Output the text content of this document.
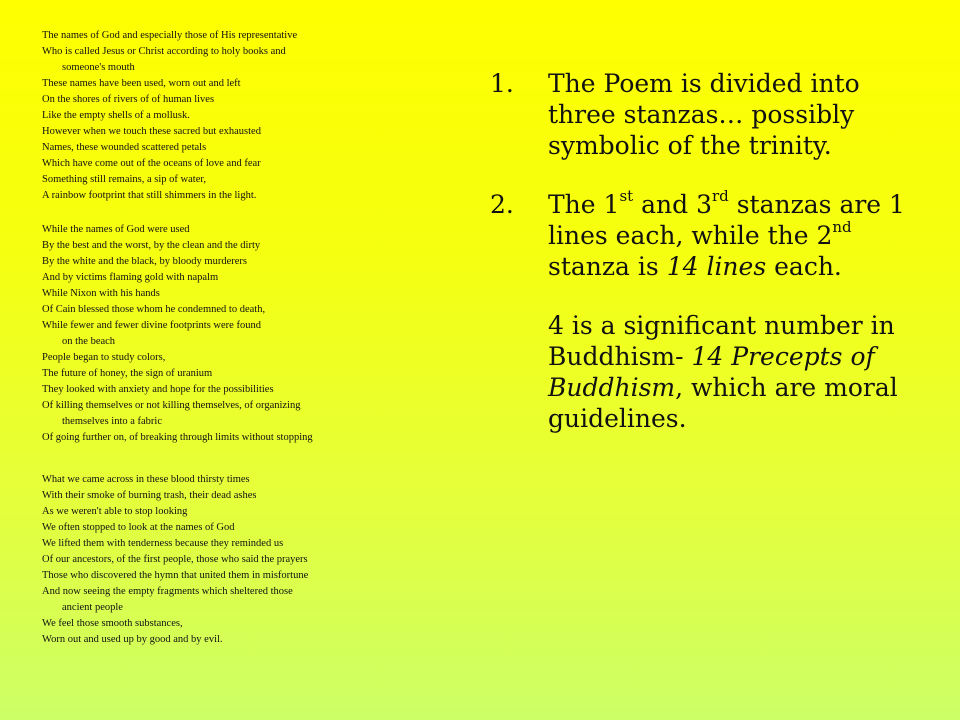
The names of God and especially those of His representative
Who is called Jesus or Christ according to holy books and
someone's mouth
These names have been used, worn out and left
On the shores of rivers of of human lives
Like the empty shells of a mollusk.
However when we touch these sacred but exhausted
Names, these wounded scattered petals
Which have come out of the oceans of love and fear
Something still remains, a sip of water,
A rainbow footprint that still shimmers in the light.
While the names of God were used
By the best and the worst, by the clean and the dirty
By the white and the black, by bloody murderers
And by victims flaming gold with napalm
While Nixon with his hands
Of Cain blessed those whom he condemned to death,
While fewer and fewer divine footprints were found
on the beach
People began to study colors,
The future of honey, the sign of uranium
They looked with anxiety and hope for the possibilities
Of killing themselves or not killing themselves, of organizing
themselves into a fabric
Of going further on, of breaking through limits without stopping
What we came across in these blood thirsty times
With their smoke of burning trash, their dead ashes
As we weren't able to stop looking
We often stopped to look at the names of God
We lifted them with tenderness because they reminded us
Of our ancestors, of the first people, those who said the prayers
Those who discovered the hymn that united them in misfortune
And now seeing the empty fragments which sheltered those
ancient people
We feel those smooth substances,
Worn out and used up by good and by evil.
1. The Poem is divided into three stanzas… possibly symbolic of the trinity.
2. The 1st and 3rd stanzas are 1 lines each, while the 2nd stanza is 14 lines each.
4 is a significant number in Buddhism- 14 Precepts of Buddhism, which are moral guidelines.
